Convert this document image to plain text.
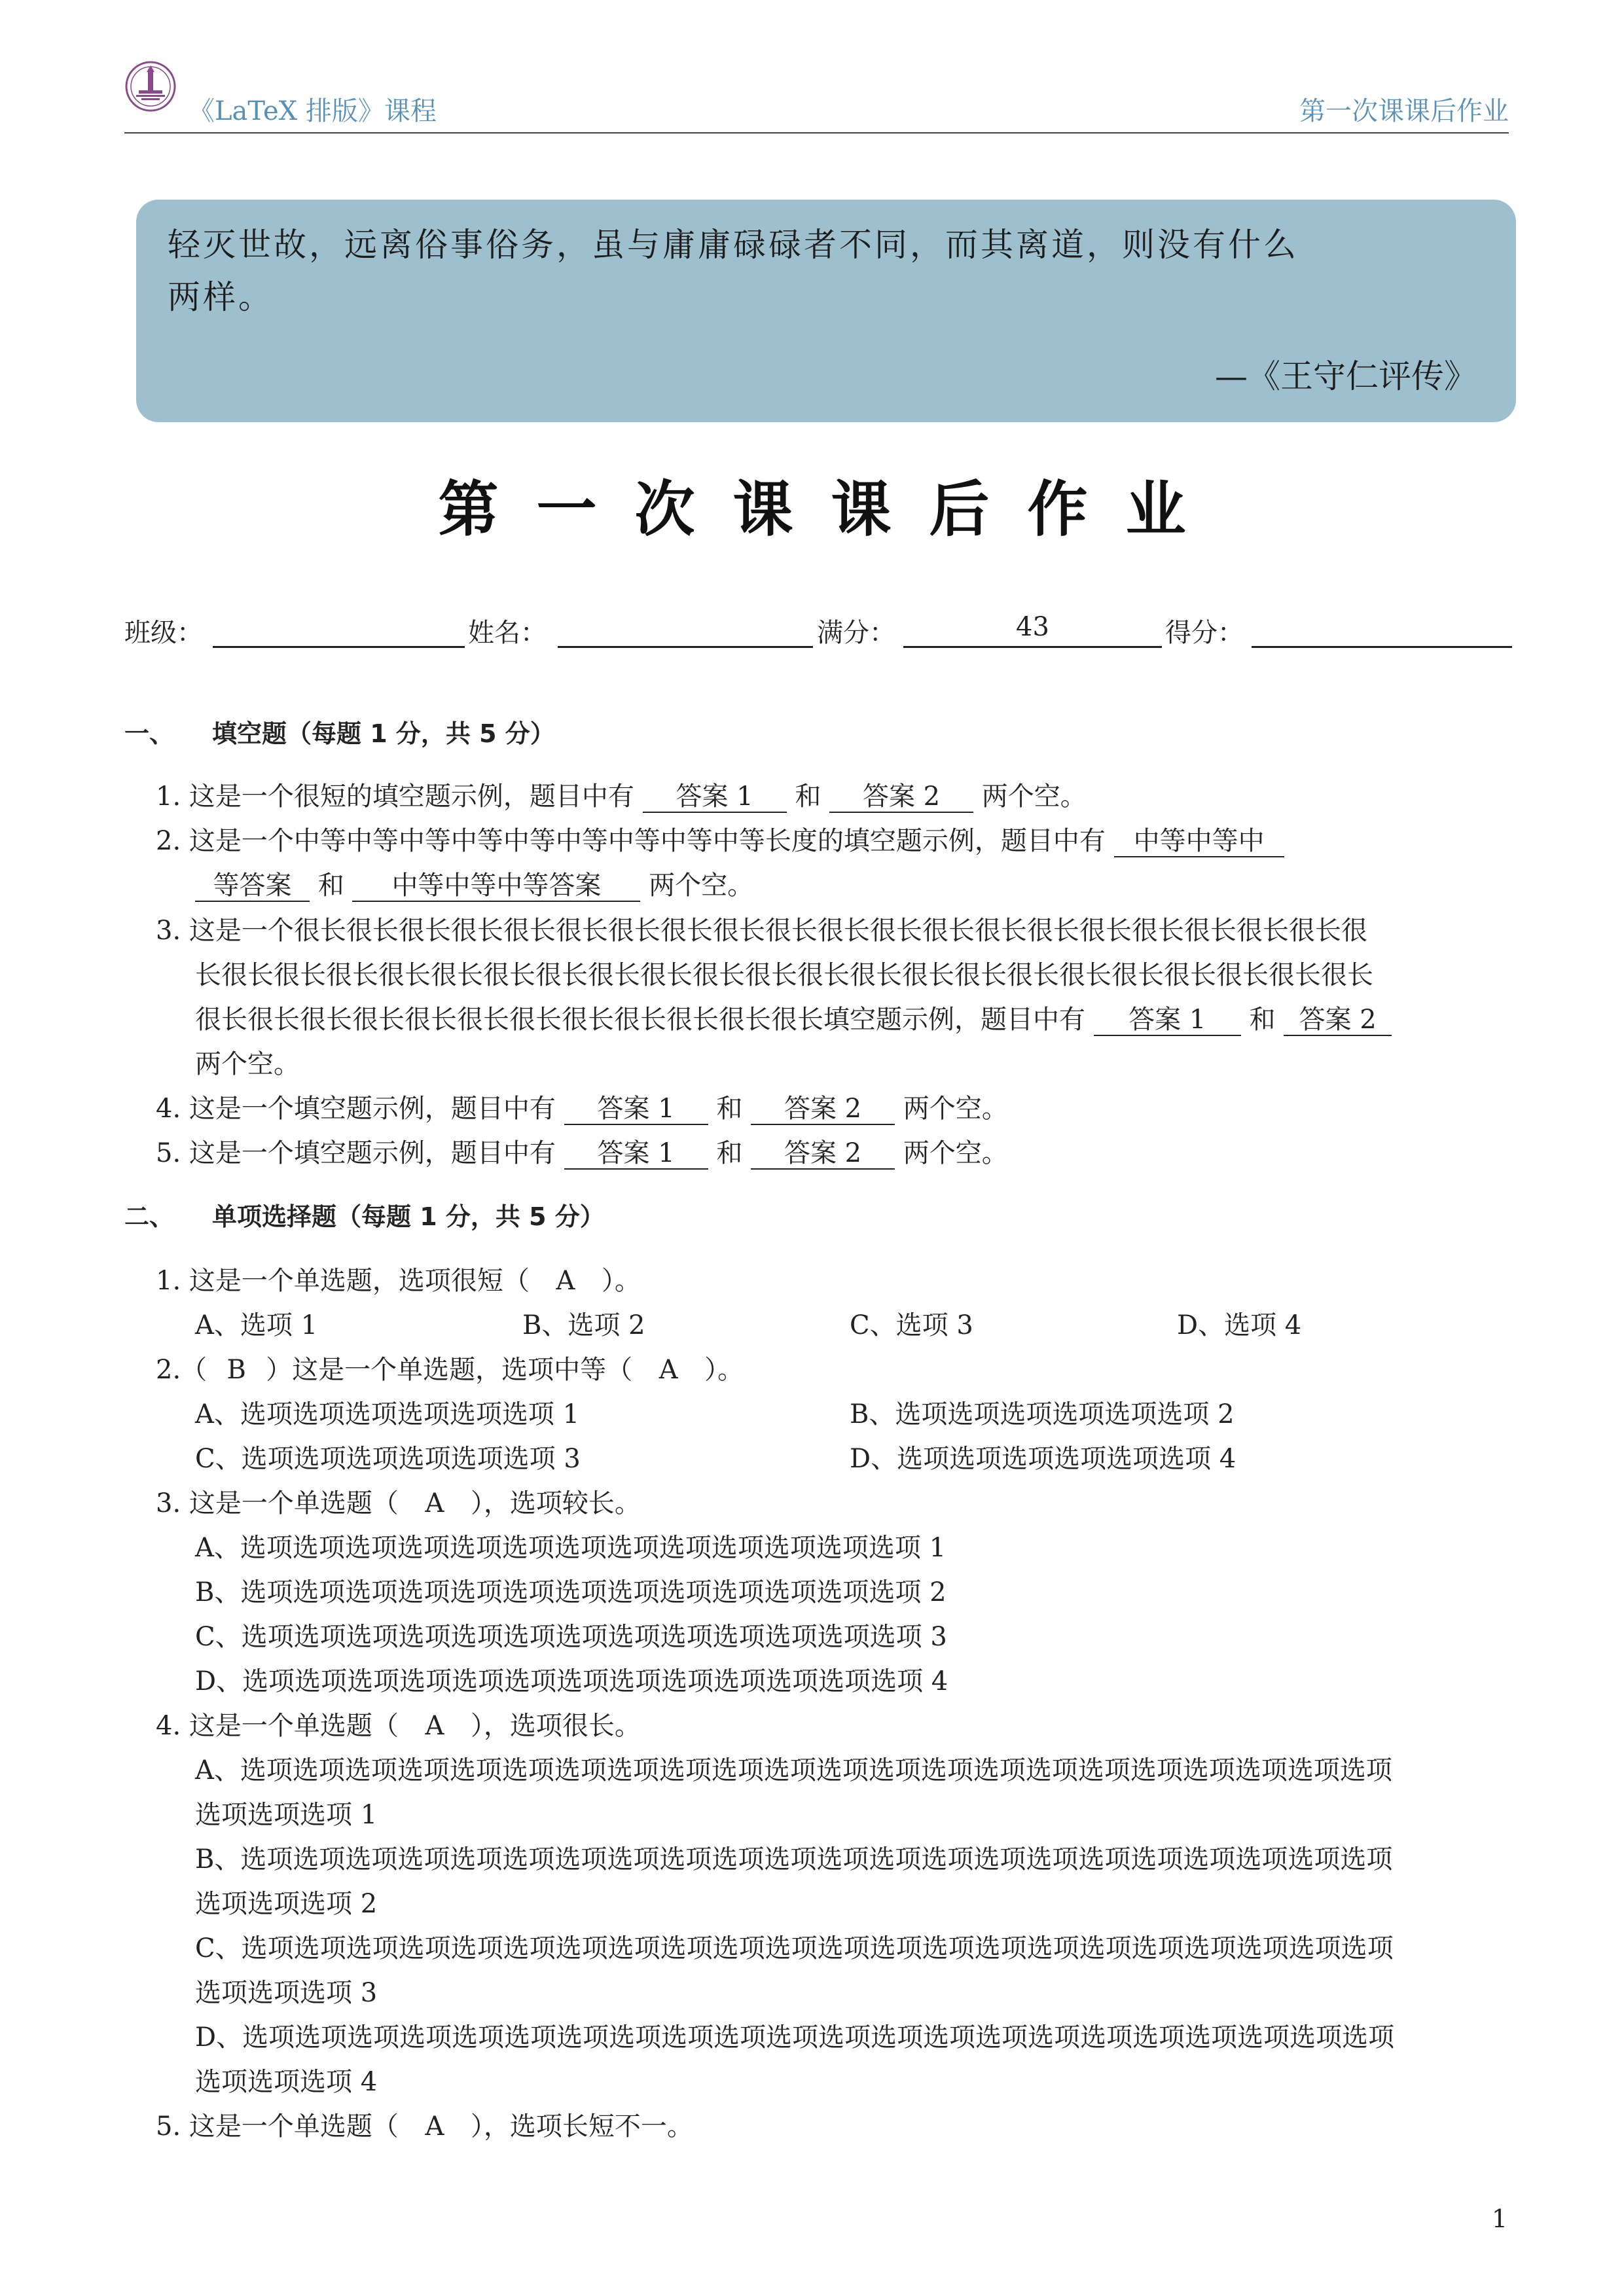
《LaTeX 排版》课程	第一次课课后作业
轻灭世故，远离俗事俗务，虽与庸庸碌碌者不同，而其离道，则没有什么
两样。
—《王守仁评传》
第一次课课后作业
班级：	姓名：	满分：	43	得分：
一、 填空题（每题 1 分，共 5 分）
1. 这是一个很短的填空题示例，题目中有 答案 1 和 答案 2 两个空。
2. 这是一个中等中等中等中等中等中等中等中等中等长度的填空题示例，题目中有 中等中等中
等答案 和 中等中等中等答案 两个空。
3. 这是一个很长很长很长很长很长很长很长很长很长很长很长很长很长很长很长很长很长很长很长很长很
长很长很长很长很长很长很长很长很长很长很长很长很长很长很长很长很长很长很长很长很长很长很长
很长很长很长很长很长很长很长很长很长很长很长很长填空题示例，题目中有 答案 1 和 答案 2
两个空。
4. 这是一个填空题示例，题目中有 答案 1 和 答案 2 两个空。
5. 这是一个填空题示例，题目中有 答案 1 和 答案 2 两个空。
二、 单项选择题（每题 1 分，共 5 分）
1. 这是一个单选题，选项很短（ A ）。
A、选项 1	B、选项 2	C、选项 3	D、选项 4
2.（ B ）这是一个单选题，选项中等（ A ）。
A、选项选项选项选项选项选项 1	B、选项选项选项选项选项选项 2
C、选项选项选项选项选项选项 3	D、选项选项选项选项选项选项 4
3. 这是一个单选题（ A ），选项较长。
A、选项选项选项选项选项选项选项选项选项选项选项选项选项 1
B、选项选项选项选项选项选项选项选项选项选项选项选项选项 2
C、选项选项选项选项选项选项选项选项选项选项选项选项选项 3
D、选项选项选项选项选项选项选项选项选项选项选项选项选项 4
4. 这是一个单选题（ A ），选项很长。
A、选项选项选项选项选项选项选项选项选项选项选项选项选项选项选项选项选项选项选项选项选项选项
选项选项选项 1
B、选项选项选项选项选项选项选项选项选项选项选项选项选项选项选项选项选项选项选项选项选项选项
选项选项选项 2
C、选项选项选项选项选项选项选项选项选项选项选项选项选项选项选项选项选项选项选项选项选项选项
选项选项选项 3
D、选项选项选项选项选项选项选项选项选项选项选项选项选项选项选项选项选项选项选项选项选项选项
选项选项选项 4
5. 这是一个单选题（ A ），选项长短不一。
1
